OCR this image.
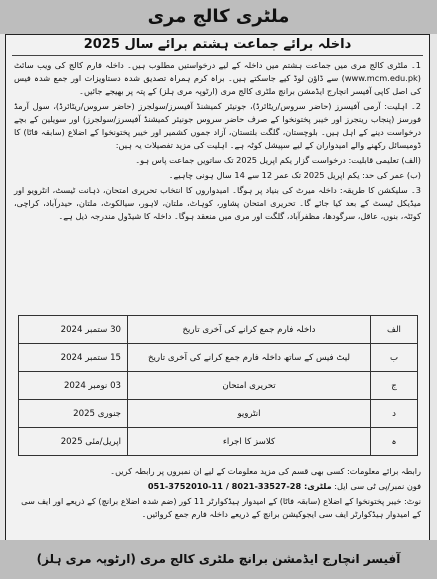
ملٹری کالج مری
داخلہ برائے جماعت ہشتم برائے سال 2025

1۔ ملٹری کالج مری میں جماعت ہشتم میں داخلہ کے لیے درخواستیں مطلوب ہیں۔ داخلہ فارم کالج کی ویب سائٹ (www.mcm.edu.pk) سے ڈاؤن لوڈ کیے جاسکتے ہیں۔ براہ کرم ہمراہ تصدیق شدہ دستاویزات اور جمع شدہ فیس کی اصل کاپی آفیسر انچارج ایڈمشن برانچ ملٹری کالج مری (ارٹوپہ مری ہلز) کے پتہ پر بھیجے جائیں۔

2۔ اہلیت: آرمی آفیسرز (حاضر سروس/ریٹائرڈ)، جونیئر کمیشنڈ آفیسرز/سولجرز (حاضر سروس/ریٹائرڈ)، سول آرمڈ فورسز (پنجاب رینجرز اور خیبر پختونخوا کے صرف حاضر سروس جونیئر کمیشنڈ آفیسرز/سولجرز) اور سویلین کے بچے درخواست دینے کے اہل ہیں۔ بلوچستان، گلگت بلتستان، آزاد جموں کشمیر اور خیبر پختونخوا کے اضلاع (سابقہ فاٹا) کا ڈومیسائل رکھنے والے امیدواران کے لیے سپیشل کوٹہ ہے۔ اہلیت کی مزید تفصیلات یہ ہیں:

(الف) تعلیمی قابلیت: درخواست گزار یکم اپریل 2025 تک ساتویں جماعت پاس ہو۔

(ب) عمر کی حد: یکم اپریل 2025 تک عمر 12 سے 14 سال ہونی چاہیے۔

3۔ سلیکشن کا طریقہ: داخلہ میرٹ کی بنیاد پر ہوگا۔ امیدواروں کا انتخاب تحریری امتحان، ذہانت ٹیسٹ، انٹرویو اور میڈیکل ٹیسٹ کے بعد کیا جائے گا۔ تحریری امتحان پشاور، کوہاٹ، ملتان، لاہور، سیالکوٹ، ملتان، حیدرآباد، کراچی، کوئٹہ، بنوں، عاقل، سرگودھا، مظفرآباد، گلگت اور مری میں منعقد ہوگا۔ داخلہ کا شیڈول مندرجہ ذیل ہے۔

الف	داخلہ فارم جمع کرانے کی آخری تاریخ	30 ستمبر 2024
ب	لیٹ فیس کے ساتھ داخلہ فارم جمع کرانے کی آخری تاریخ	15 ستمبر 2024
ج	تحریری امتحان	03 نومبر 2024
د	انٹرویو	جنوری 2025
ہ	کلاسز کا اجراء	اپریل/مئی 2025

رابطہ برائے معلومات: کسی بھی قسم کی مزید معلومات کے لیے ان نمبروں پر رابطہ کریں۔

فون نمبر/پی ٹی سی ایل: 051-3752010-11 / ملٹری: 28-33527-8021

نوٹ: خیبر پختونخوا کے اضلاع (سابقہ فاٹا) کے امیدوار ہیڈکوارٹر 11 کور (ضم شدہ اضلاع برانچ) کے ذریعے اور ایف سی کے امیدوار ہیڈکوارٹر ایف سی ایجوکیشن برانچ کے ذریعے داخلہ فارم جمع کروائیں۔

آفیسر انچارج ایڈمشن برانچ ملٹری کالج مری (ارٹوپہ مری ہلز)
